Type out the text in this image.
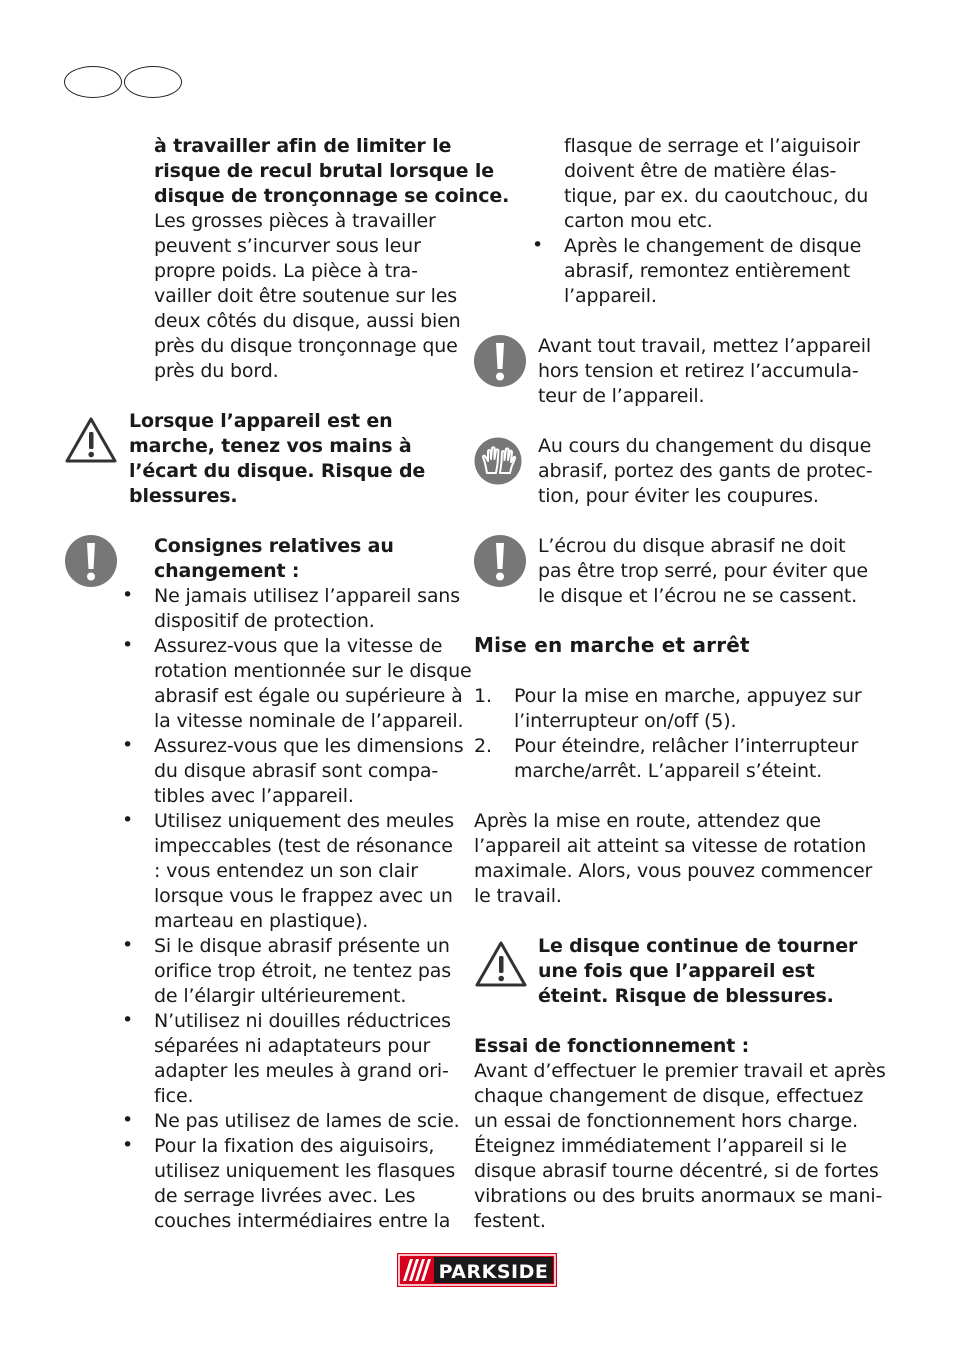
à travailler afin de limiter le
risque de recul brutal lorsque le
disque de tronçonnage se coince.
Les grosses pièces à travailler
peuvent s’incurver sous leur
propre poids. La pièce à tra-
vailler doit être soutenue sur les
deux côtés du disque, aussi bien
près du disque tronçonnage que
près du bord.
Lorsque l’appareil est en
marche, tenez vos mains à
l’écart du disque. Risque de
blessures.
Consignes relatives au
changement :
• Ne jamais utilisez l’appareil sans
dispositif de protection.
• Assurez-vous que la vitesse de
rotation mentionnée sur le disque
abrasif est égale ou supérieure à
la vitesse nominale de l’appareil.
• Assurez-vous que les dimensions
du disque abrasif sont compa-
tibles avec l’appareil.
• Utilisez uniquement des meules
impeccables (test de résonance
: vous entendez un son clair
lorsque vous le frappez avec un
marteau en plastique).
• Si le disque abrasif présente un
orifice trop étroit, ne tentez pas
de l’élargir ultérieurement.
• N’utilisez ni douilles réductrices
séparées ni adaptateurs pour
adapter les meules à grand ori-
fice.
• Ne pas utilisez de lames de scie.
• Pour la fixation des aiguisoirs,
utilisez uniquement les flasques
de serrage livrées avec. Les
couches intermédiaires entre la
flasque de serrage et l’aiguisoir
doivent être de matière élas-
tique, par ex. du caoutchouc, du
carton mou etc.
• Après le changement de disque
abrasif, remontez entièrement
l’appareil.
Avant tout travail, mettez l’appareil
hors tension et retirez l’accumula-
teur de l’appareil.
Au cours du changement du disque
abrasif, portez des gants de protec-
tion, pour éviter les coupures.
L’écrou du disque abrasif ne doit
pas être trop serré, pour éviter que
le disque et l’écrou ne se cassent.
Mise en marche et arrêt
1. Pour la mise en marche, appuyez sur
l’interrupteur on/off (5).
2. Pour éteindre, relâcher l’interrupteur
marche/arrêt. L’appareil s’éteint.
Après la mise en route, attendez que
l’appareil ait atteint sa vitesse de rotation
maximale. Alors, vous pouvez commencer
le travail.
Le disque continue de tourner
une fois que l’appareil est
éteint. Risque de blessures.
Essai de fonctionnement :
Avant d’effectuer le premier travail et après
chaque changement de disque, effectuez
un essai de fonctionnement hors charge.
Éteignez immédiatement l’appareil si le
disque abrasif tourne décentré, si de fortes
vibrations ou des bruits anormaux se mani-
festent.
PARKSIDE
